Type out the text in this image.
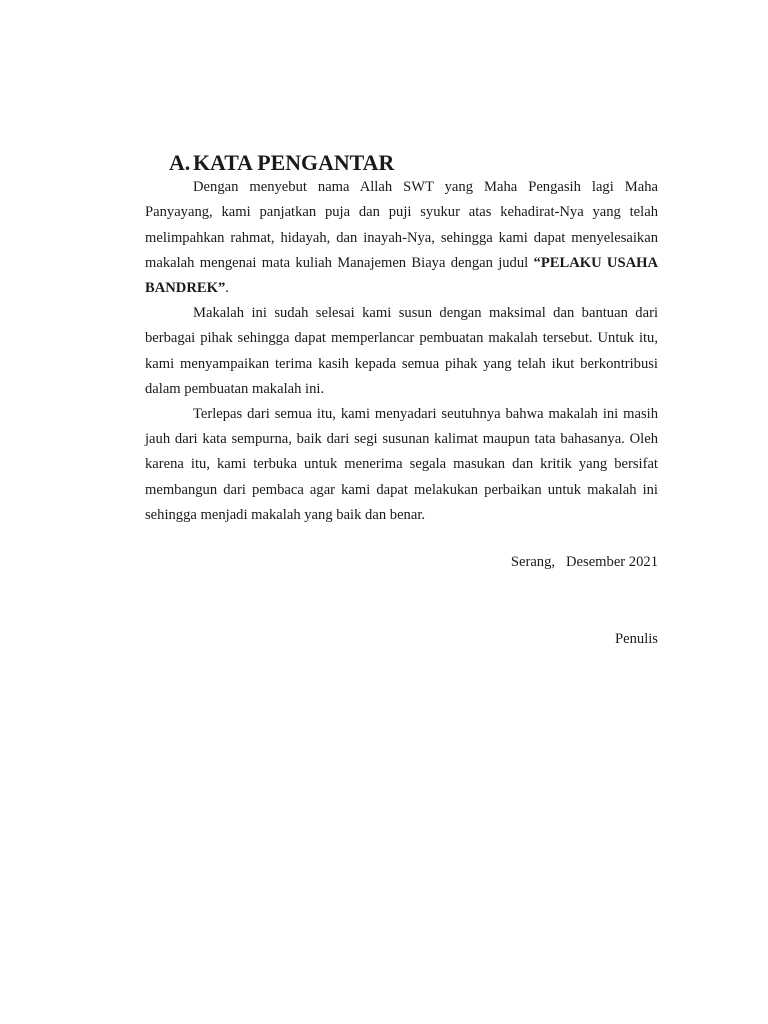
A. KATA PENGANTAR

Dengan menyebut nama Allah SWT yang Maha Pengasih lagi Maha Panyayang, kami panjatkan puja dan puji syukur atas kehadirat-Nya yang telah melimpahkan rahmat, hidayah, dan inayah-Nya, sehingga kami dapat menyelesaikan makalah mengenai mata kuliah Manajemen Biaya dengan judul “PELAKU USAHA BANDREK”.

Makalah ini sudah selesai kami susun dengan maksimal dan bantuan dari berbagai pihak sehingga dapat memperlancar pembuatan makalah tersebut. Untuk itu, kami menyampaikan terima kasih kepada semua pihak yang telah ikut berkontribusi dalam pembuatan makalah ini.

Terlepas dari semua itu, kami menyadari seutuhnya bahwa makalah ini masih jauh dari kata sempurna, baik dari segi susunan kalimat maupun tata bahasanya. Oleh karena itu, kami terbuka untuk menerima segala masukan dan kritik yang bersifat membangun dari pembaca agar kami dapat melakukan perbaikan untuk makalah ini sehingga menjadi makalah yang baik dan benar.

Serang,   Desember 2021

Penulis
